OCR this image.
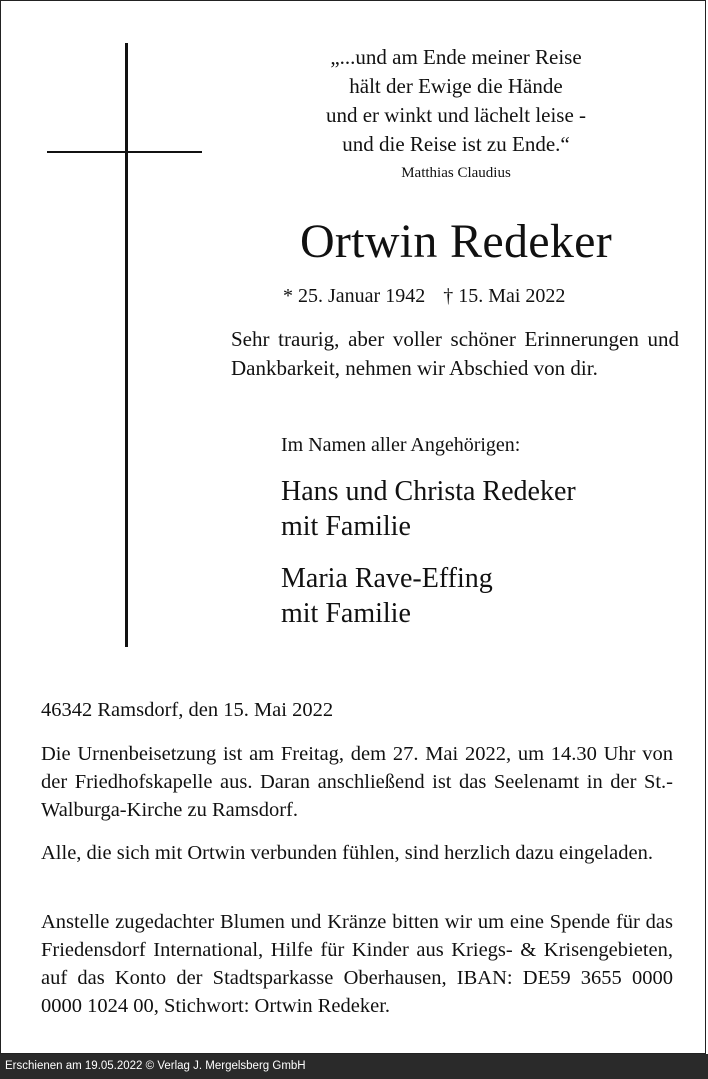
„...und am Ende meiner Reise
hält der Ewige die Hände
und er winkt und lächelt leise -
und die Reise ist zu Ende.“
Matthias Claudius
Ortwin Redeker
* 25. Januar 1942 † 15. Mai 2022
Sehr traurig, aber voller schöner Erinnerungen und Dankbarkeit, nehmen wir Abschied von dir.
Im Namen aller Angehörigen:
Hans und Christa Redeker
mit Familie
Maria Rave-Effing
mit Familie
46342 Ramsdorf, den 15. Mai 2022
Die Urnenbeisetzung ist am Freitag, dem 27. Mai 2022, um 14.30 Uhr von der Friedhofskapelle aus. Daran anschließend ist das Seelenamt in der St.-Walburga-Kirche zu Ramsdorf.
Alle, die sich mit Ortwin verbunden fühlen, sind herzlich dazu eingeladen.
Anstelle zugedachter Blumen und Kränze bitten wir um eine Spende für das Friedensdorf International, Hilfe für Kinder aus Kriegs- & Krisengebieten, auf das Konto der Stadtsparkasse Oberhausen, IBAN: DE59 3655 0000 0000 1024 00, Stichwort: Ortwin Redeker.
Erschienen am 19.05.2022 © Verlag J. Mergelsberg GmbH
